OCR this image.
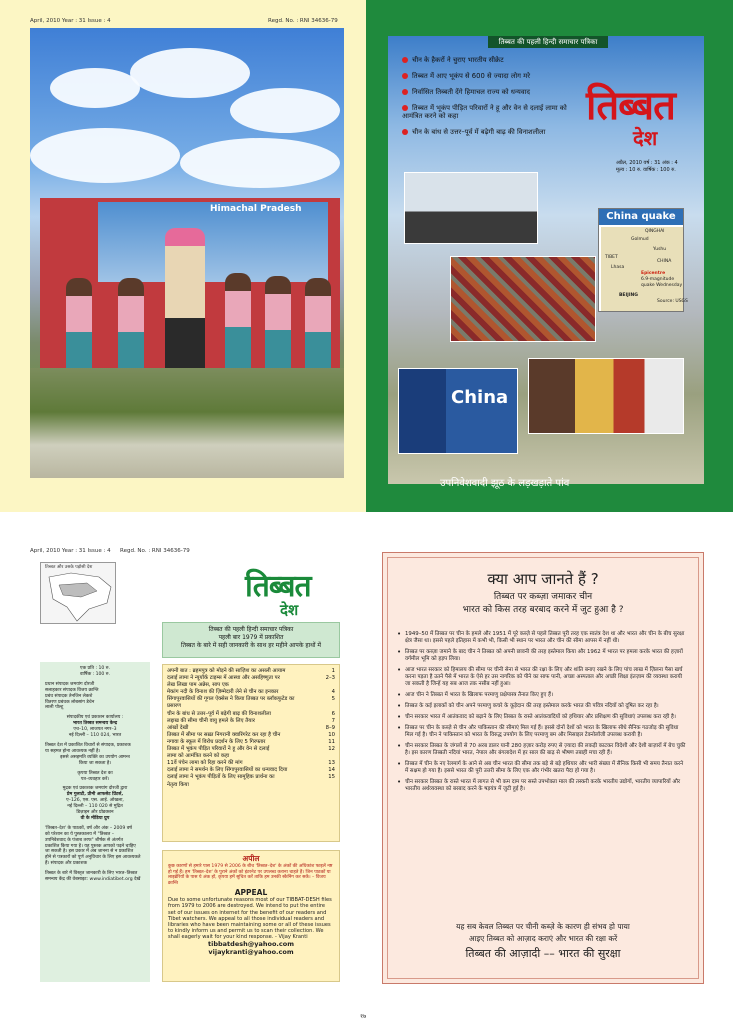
April, 2010 Year : 31 Issue : 4	Regd. No. : RNI 34636-79
Himachal Pradesh
तिब्बत की पहली हिन्दी समाचार पत्रिका
चीन के हैकरों ने चुराए भारतीय सीक्रेट
तिब्बत में आए भूकंप से 600 से ज्यादा लोग मरे
निर्वासित तिब्बती देंगे हिमाचल राज्य को धन्यवाद
तिब्बत में भूकंप पीड़ित परिवारों ने हू और वेन से दलाई लामा को आमंत्रित करने को कहा
चीन के बांध से उत्तर–पूर्व में बढ़ेगी बाढ़ की विनाशलीला
तिब्बत
देश
अप्रैल, 2010 वर्ष : 31 अंक : 4
मूल्य : 10 रु. वार्षिक : 100 रु.
China quake
QINGHAI
Golmud
Yushu
TIBET
Lhasa
CHINA
Epicentre
6.9-magnitude
quake Wednesday
BEIJING
Source: USGS
China
उपनिवेशवादी झूठ के लड़खड़ाते पांव
April, 2010 Year : 31 Issue : 4 Regd. No. : RNI 34636-79
तिब्बत और उसके पड़ोसी देश
तिब्बत
देश
एक प्रति : 10 रु.
वार्षिक : 100 रु.
प्रधान संपादक जमयांग दोरजी
सलाहकार संपादक विजय क्रान्ति
प्रबंध संपादक तेनजिन लेकशे
वितरण प्रबंधक लोबसांग डेचेन
लाली पोल्टू
संपादकीय एवं प्रकाशन कार्यालय :
भारत तिब्बत समन्वय केन्द्र
एच–10, लाजपत नगर–3
नई दिल्ली – 110 024, भारत
तिब्बत देश में प्रकाशित विचारों से संपादक, प्रकाशक
या सहमत होना आवश्यक नहीं है।
इससे असहमति व्यक्ति का उपयोग आमन्त्र
किया जा सकता है।
कृपया तिब्बत देश का
पत्र–व्यवहार करें।
मुद्रक एवं प्रकाशक जमयांग दोरजी द्वारा
प्रेम गुलाटी, प्रीमी आफसेट प्रिंटर्स,
ए–126, एस. एस. आई. ओखला,
नई दिल्ली – 110 020 से मुद्रित
डिज़ाइन और प्रोडक्शन
वी के मीडिया ग्रुप
'तिब्बत–देश' के पाठकों, वर्ष और अंक – 2009 वर्ष
को परेशान का ये पुस्तकालय में "तिब्बत –
उपनिवेशवाद के पंजाब तरफ" शीर्षक से अंतर्गत
प्रकाशित किया गया है। यह पुस्तक आपको पढ़ने चाहिए
जा सकती है। इस प्रकार में अब जानना से न प्रकाशित
होने से पत्रकारों को पूर्ण अनुविचार के लिए इस आवश्यकते
हैं। संपादक और प्रकाशक
तिब्बत के बारे में विस्तृत जानकारी के लिए भारत–तिब्बत
समन्वय केंद्र की वेबसाइट: www.indiatibet.org देखें
तिब्बत की पहली हिन्दी समाचार पत्रिका
पहली बार 1979 में प्रकाशित
तिब्बत के बारे में सही जानकारी के साथ हर महीने आपके हाथों में
अपनी बात : ब्रहमपुत्र को मोड़ने की साज़िश का असली आयाम	1
दलाई लामा ने न्यूयॉर्क टाइम्स में आस्था और असहिष्णुता पर	2–3
लेख लिखा पाम अन्नेस, साप एक
मेकांग नदी के विनाश की ज़िम्मेदारी लेने से चीन का इनकार	4
सिंगापुरवासियों की गूगल ऐक्सेस ने किया तिब्बत पर ब्लॉकफुटेड का	5
प्रसारण
चीन के बांध से उत्तर–पूर्व में बढ़ेगी बाढ़ की विनाशलीला	6
लद्दाख की सीमा चीनी वायु हमले के लिए तैयार	7
आंखों देखी	8–9
तिब्बत में सीमा पर सख़्त निगरानी क्वारिंगरेट कर रहा है चीन	10
नगावा के स्कूल में विरोध प्रदर्शन के लिए 5 गिरफ्तार	11
तिब्बत में भूकंप पीड़ित परिवारों ने हू और वेन से दलाई	12
लामा को आमंत्रित करने को कहा
11वें पंचेन लामा को रिहा करने की मांग	13
दलाई लामा ने समर्थन के लिए सिंगापुरवासियों का धन्यवाद दिया	14
दलाई लामा ने भूकंप पीड़ितों के लिए सामूहिक प्रार्थना का	15
नेतृत्व किया
अपील
कुछ कारणों से हमारे पास 1979 से 2006 के बीच 'तिब्बत–देश' के अंकों की अधिकांश फाइलें नष्ट हो गई हैं। हम 'तिब्बत–देश' के पुराने अंकों को इंटरनेट पर उपलब्ध कराना चाहते हैं। जिन पाठकों या लाइब्रेरियों के पास ये अंक हों, कृपया हमें सूचित करें ताकि हम उनकी स्कैनिंग कर सकें। – विजय क्रान्ति
APPEAL
Due to some unfortunate reasons most of our TIBBAT-DESH files from 1979 to 2006 are destroyed. We intend to put the entire set of our issues on internet for the benefit of our readers and Tibet watchers. We appeal to all those individual readers and libraries who have been maintaining some or all of these issues to kindly inform us and permit us to scan their collection. We shall eagerly wait for your kind response. - Vijay Kranti
tibbatdesh@yahoo.com
vijaykranti@yahoo.com
क्या आप जानते हैं ?
तिब्बत पर कब्ज़ा जमाकर चीन
भारत को किस तरह बरबाद करने में जुट हुआ है ?
• 1949–50 में तिब्बत पर चीन के हमले और 1951 में पूरे कब्ज़े से पहले तिब्बत पूरी तरह एक स्वतंत्र देश था और भारत और चीन के बीच सुरक्षा क्षेत्र जैसा था। इससे पहले इतिहास में कभी भी, किसी भी स्थान पर भारत और चीन की सीमा आपस में नहीं थी।
• तिब्बत पर कब्ज़ा जमाने के बाद चीन ने तिब्बत को अपनी छावनी की तरह इस्तेमाल किया और 1962 में भारत पर हमला करके भारत की हज़ारों वर्गमील भूमि को हड़प लिया।
• आज भारत सरकार को हिमालय की सीमा पर चीनी सेना से भारत की रक्षा के लिए और शांति बनाए रखने के लिए पांच लाख में ज़िलना पैसा खर्च करना पड़ता है उतने पैसे में भारत के ऐसे हर उस नागरिक को पीने का साफ पानी, अच्छा अस्पताल और अच्छी शिक्षा इंतज़ाम की व्यवस्था करायी जा सकती है जिन्हें यह सब आज तक नसीब नहीं हुआ।
• आज चीन ने तिब्बत में भारत के खिलाफ परमाणु प्रक्षेपास्त्र तैनात किए हुए हैं।
• तिब्बत के कई इलाकों को चीन अपने परमाणु कचरे के कूड़ेदान की तरह इस्तेमाल करके भारत की पवित्र नदियों को दूषित कर रहा है।
• चीन सरकार भारत में आतंकवाद को बढ़ाने के लिए तिब्बत के रास्ते आतंकवादियों को हथियार और प्रशिक्षण की सुविधाएं उपलब्ध करा रही है।
• तिब्बत पर चीन के कब्ज़े से चीन और पाकिस्तान की सीमाएं मिल गई हैं। इससे दोनों देशों को भारत के खिलाफ सीधे सैनिक गठजोड़ की सुविधा मिल गई है। चीन ने पाकिस्तान को भारत के विरुद्ध उपयोग के लिए परमाणु बम और मिसाइल टेक्नोलॉजी उपलब्ध करायी है।
• चीन सरकार तिब्बत के जंगलों से 70 अरब डालर यानी 280 हज़ार करोड़ रुपए से ज़्यादा की लकड़ी काटकर विदेशी और देशी बाज़ारों में बेच चुकी है। इस कारण तिब्बती नदियां भारत, नेपाल और बंगलादेश में हर साल की बाढ़ से भीषण तबाही मचा रही हैं।
• तिब्बत में चीन के नए रेलमार्ग के आने से अब चीन भारत की सीमा तक बड़े से बड़े हथियार और भारी संख्या में सैनिक किसी भी समय तैनात करने में सक्षम हो गया है। इससे भारत की पूरी उत्तरी सीमा के लिए एक और गंभीर खतरा पैदा हो गया है।
• चीन सरकार तिब्बत के रास्ते भारत में लागत से भी कम दाम पर सस्ते उपभोक्ता माल की तस्करी करके भारतीय उद्योगों, भारतीय व्यापारियों और भारतीय अर्थव्यवस्था को बरबाद करने के षड़यंत्र में जुटी हुई है।
यह सब केवल तिब्बत पर चीनी कब्ज़े के कारण ही संभव हो पाया
आइए तिब्बत को आज़ाद कराएं और भारत की रक्षा करें
तिब्बत की आज़ादी –– भारत की सुरक्षा
१७
